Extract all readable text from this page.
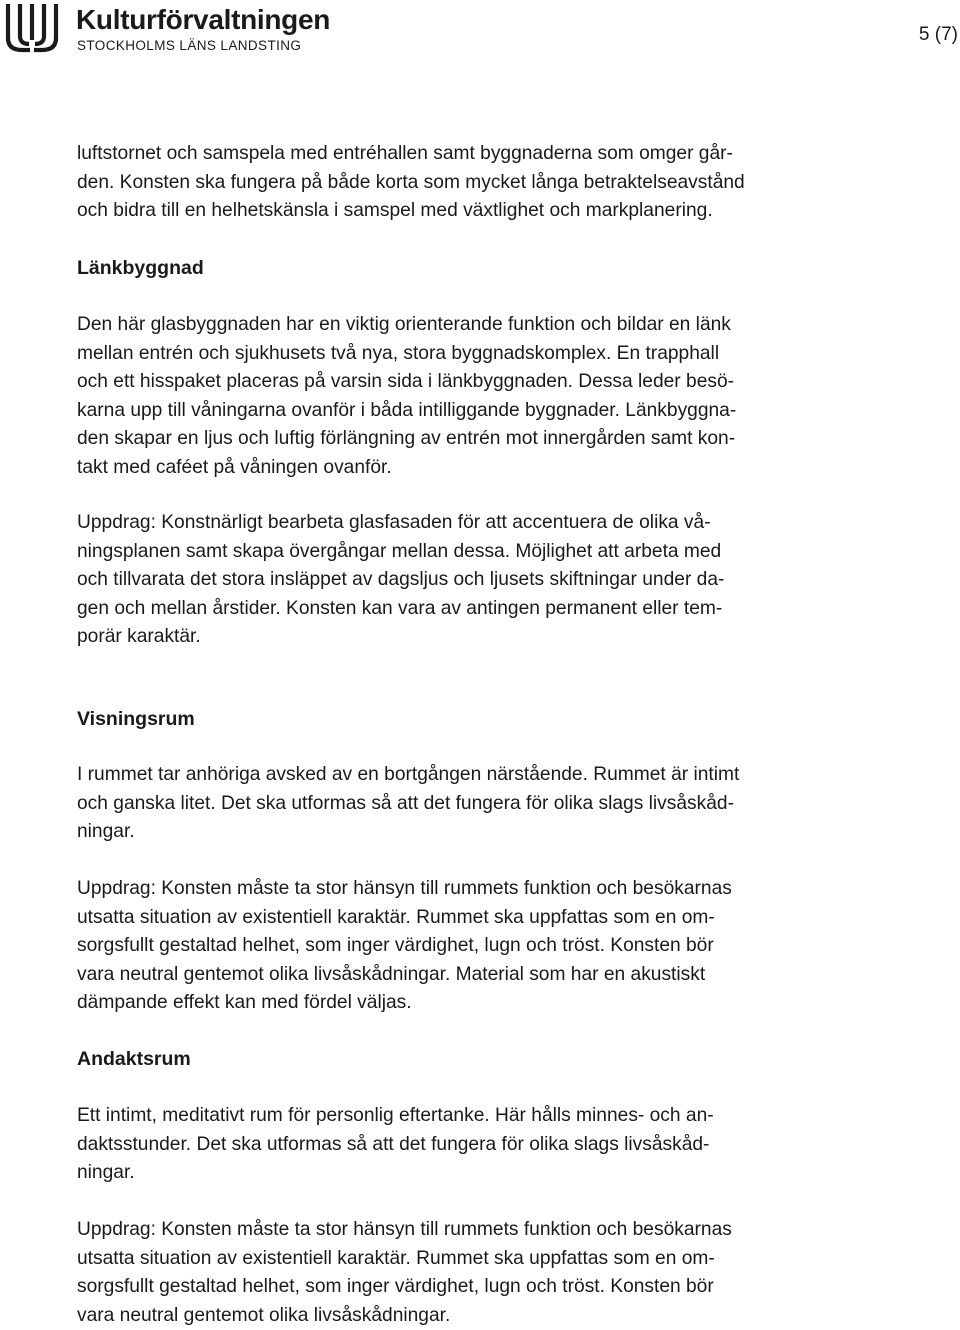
Kulturförvaltningen
STOCKHOLMS LÄNS LANDSTING
5 (7)
luftstornet och samspela med entréhallen samt byggnaderna som omger går-
den. Konsten ska fungera på både korta som mycket långa betraktelseavstånd
och bidra till en helhetskänsla i samspel med växtlighet och markplanering.
Länkbyggnad
Den här glasbyggnaden har en viktig orienterande funktion och bildar en länk
mellan entrén och sjukhusets två nya, stora byggnadskomplex. En trapphall
och ett hisspaket placeras på varsin sida i länkbyggnaden. Dessa leder besö-
karna upp till våningarna ovanför i båda intilliggande byggnader. Länkbyggna-
den skapar en ljus och luftig förlängning av entrén mot innergården samt kon-
takt med caféet på våningen ovanför.
Uppdrag: Konstnärligt bearbeta glasfasaden för att accentuera de olika vå-
ningsplanen samt skapa övergångar mellan dessa. Möjlighet att arbeta med
och tillvarata det stora insläppet av dagsljus och ljusets skiftningar under da-
gen och mellan årstider. Konsten kan vara av antingen permanent eller tem-
porär karaktär.
Visningsrum
I rummet tar anhöriga avsked av en bortgången närstående. Rummet är intimt
och ganska litet. Det ska utformas så att det fungera för olika slags livsåskåd-
ningar.
Uppdrag: Konsten måste ta stor hänsyn till rummets funktion och besökarnas
utsatta situation av existentiell karaktär. Rummet ska uppfattas som en om-
sorgsfullt gestaltad helhet, som inger värdighet, lugn och tröst. Konsten bör
vara neutral gentemot olika livsåskådningar. Material som har en akustiskt
dämpande effekt kan med fördel väljas.
Andaktsrum
Ett intimt, meditativt rum för personlig eftertanke. Här hålls minnes- och an-
daktsstunder. Det ska utformas så att det fungera för olika slags livsåskåd-
ningar.
Uppdrag: Konsten måste ta stor hänsyn till rummets funktion och besökarnas
utsatta situation av existentiell karaktär. Rummet ska uppfattas som en om-
sorgsfullt gestaltad helhet, som inger värdighet, lugn och tröst. Konsten bör
vara neutral gentemot olika livsåskådningar.
